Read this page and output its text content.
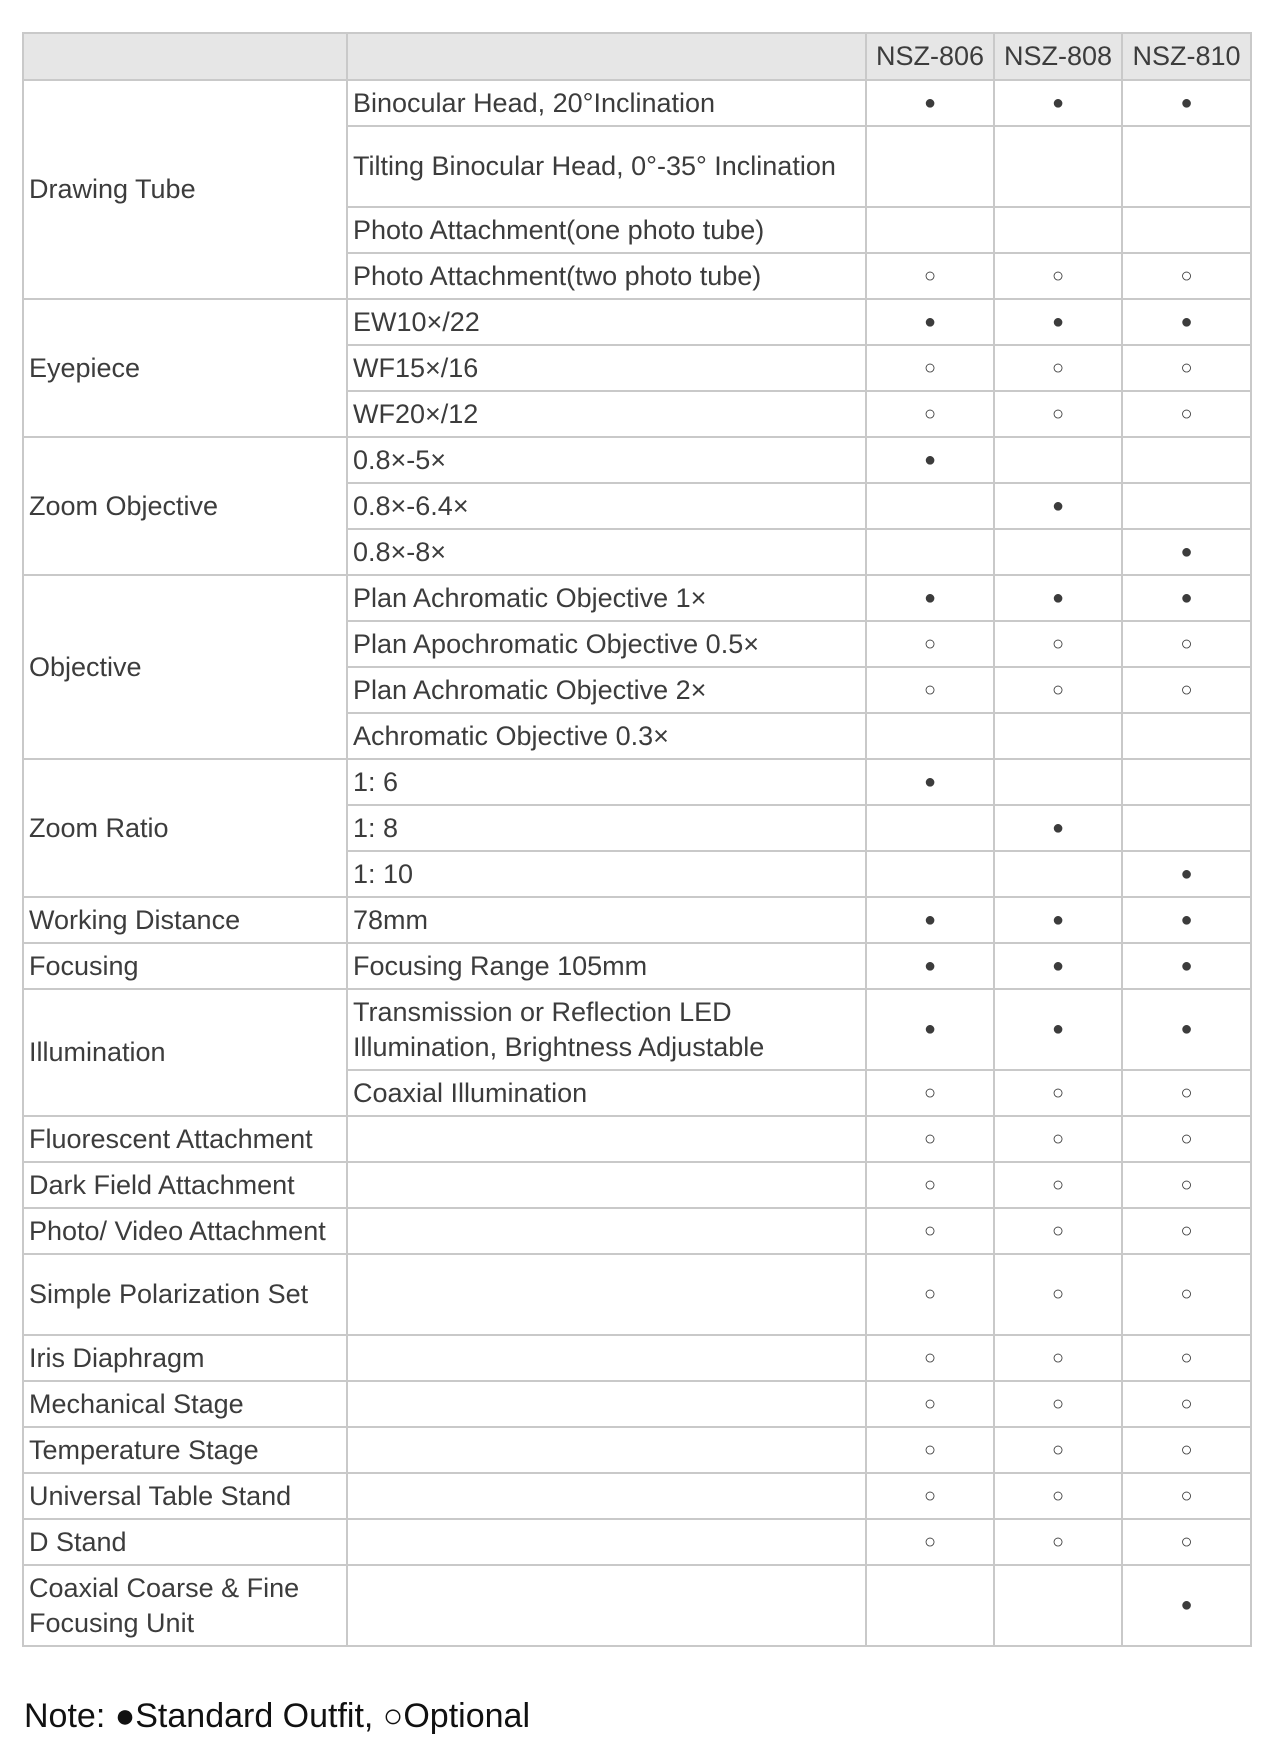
		NSZ-806	NSZ-808	NSZ-810
Drawing Tube	Binocular Head, 20°Inclination	●	●	●
	Tilting Binocular Head, 0°-35° Inclination			
	Photo Attachment(one photo tube)			
	Photo Attachment(two photo tube)	○	○	○
Eyepiece	EW10×/22	●	●	●
	WF15×/16	○	○	○
	WF20×/12	○	○	○
Zoom Objective	0.8×-5×	●		
	0.8×-6.4×		●	
	0.8×-8×			●
Objective	Plan Achromatic Objective 1×	●	●	●
	Plan Apochromatic Objective 0.5×	○	○	○
	Plan Achromatic Objective 2×	○	○	○
	Achromatic Objective 0.3×			
Zoom Ratio	1: 6	●		
	1: 8		●	
	1: 10			●
Working Distance	78mm	●	●	●
Focusing	Focusing Range 105mm	●	●	●
Illumination	Transmission or Reflection LED Illumination, Brightness Adjustable	●	●	●
	Coaxial Illumination	○	○	○
Fluorescent Attachment		○	○	○
Dark Field Attachment		○	○	○
Photo/ Video Attachment		○	○	○
Simple Polarization Set		○	○	○
Iris Diaphragm		○	○	○
Mechanical Stage		○	○	○
Temperature Stage		○	○	○
Universal Table Stand		○	○	○
D Stand		○	○	○
Coaxial Coarse & Fine Focusing Unit				●
Note: ●Standard Outfit, ○Optional
